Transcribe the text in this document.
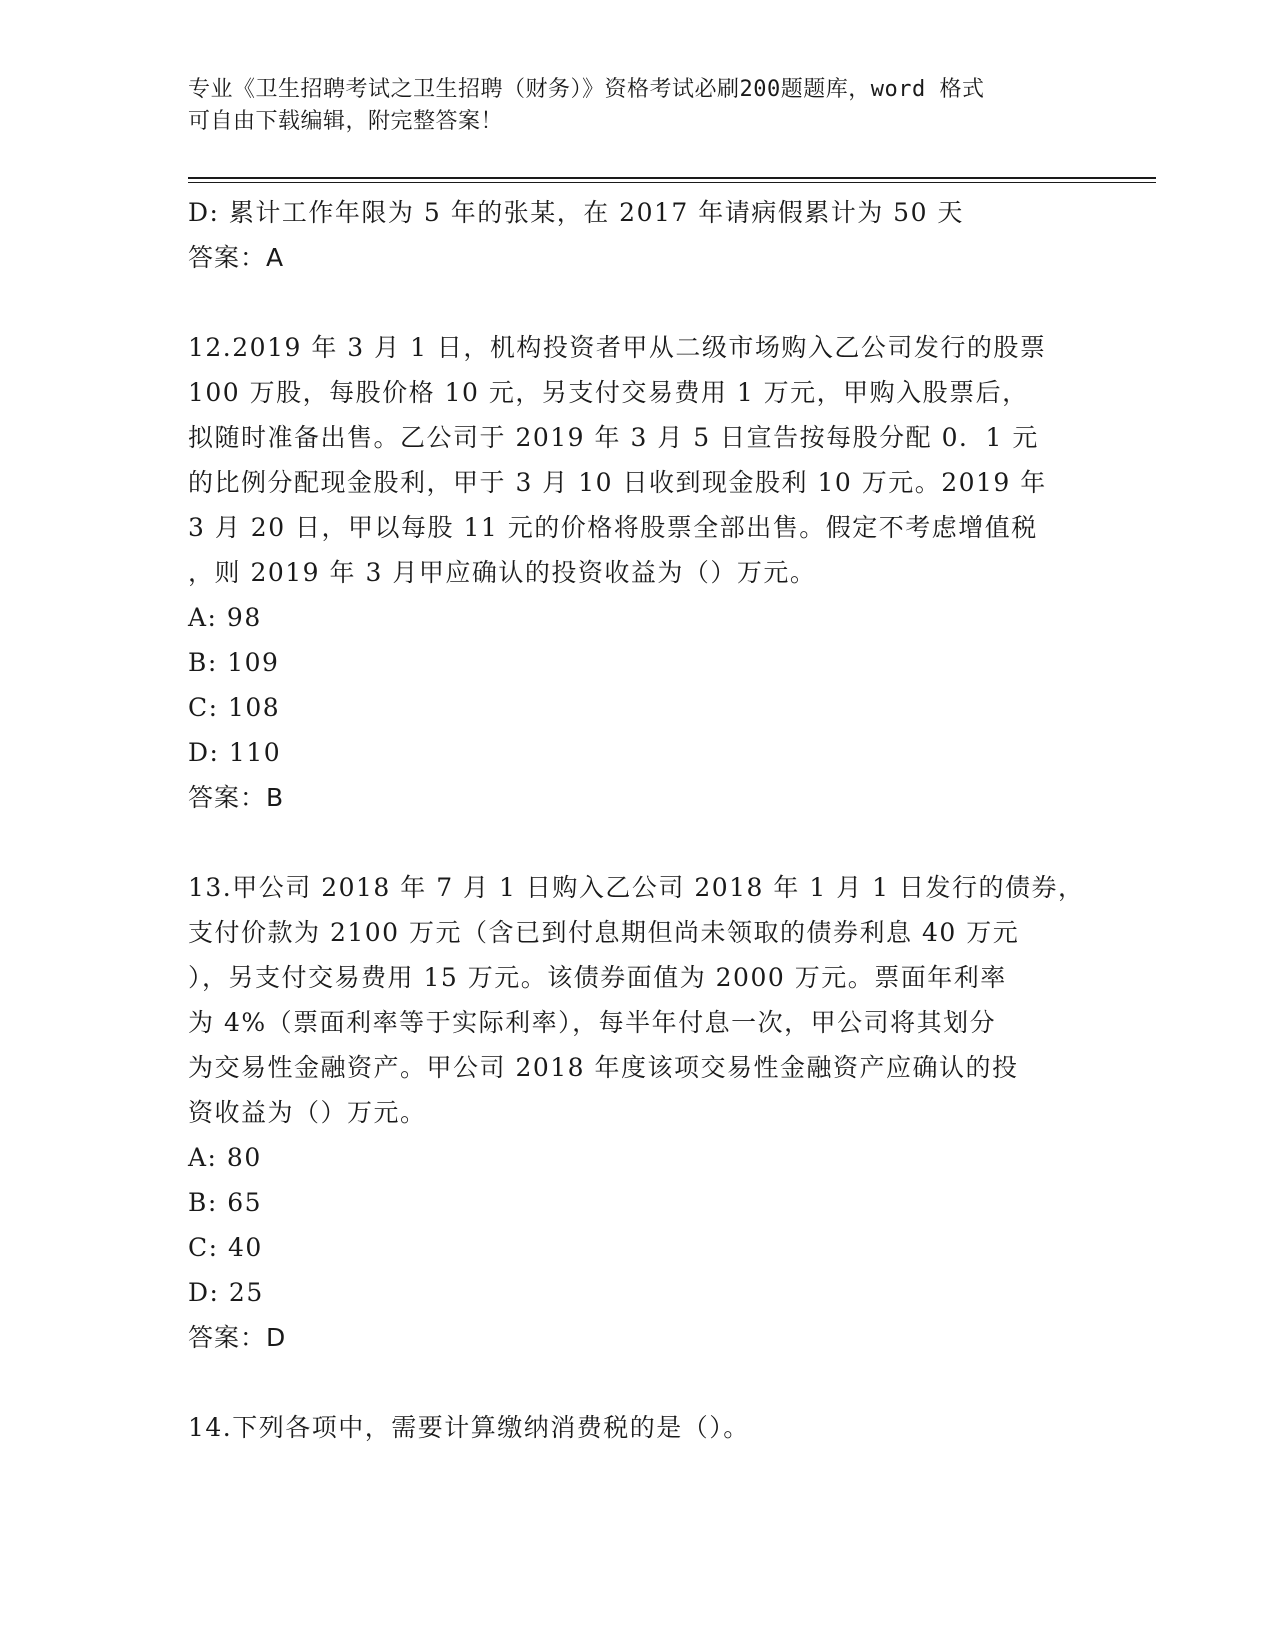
专业《卫生招聘考试之卫生招聘（财务）》资格考试必刷200题题库，word 格式
可自由下载编辑，附完整答案！
D: 累计工作年限为 5 年的张某，在 2017 年请病假累计为 50 天
答案：A
12.2019 年 3 月 1 日，机构投资者甲从二级市场购入乙公司发行的股票
100 万股，每股价格 10 元，另支付交易费用 1 万元，甲购入股票后，
拟随时准备出售。乙公司于 2019 年 3 月 5 日宣告按每股分配 0．1 元
的比例分配现金股利，甲于 3 月 10 日收到现金股利 10 万元。2019 年
3 月 20 日，甲以每股 11 元的价格将股票全部出售。假定不考虑增值税
，则 2019 年 3 月甲应确认的投资收益为（）万元。
A: 98
B: 109
C: 108
D: 110
答案：B
13.甲公司 2018 年 7 月 1 日购入乙公司 2018 年 1 月 1 日发行的债券，
支付价款为 2100 万元（含已到付息期但尚未领取的债券利息 40 万元
），另支付交易费用 15 万元。该债券面值为 2000 万元。票面年利率
为 4%（票面利率等于实际利率），每半年付息一次，甲公司将其划分
为交易性金融资产。甲公司 2018 年度该项交易性金融资产应确认的投
资收益为（）万元。
A: 80
B: 65
C: 40
D: 25
答案：D
14.下列各项中，需要计算缴纳消费税的是（）。
